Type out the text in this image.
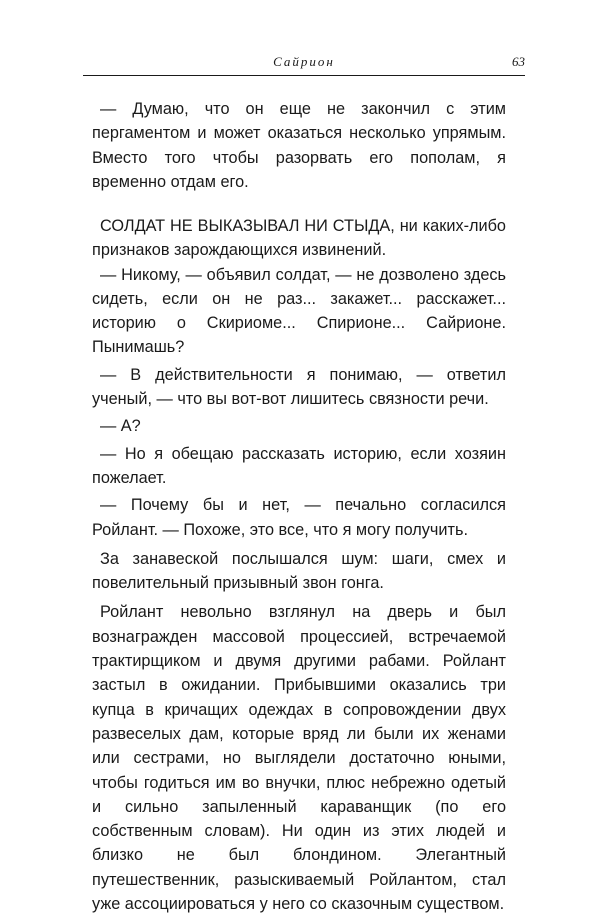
Сайрион	63

— Думаю, что он еще не закончил с этим пергаментом и может оказаться несколько упрямым. Вместо того чтобы разорвать его пополам, я временно отдам его.

СОЛДАТ НЕ ВЫКАЗЫВАЛ НИ СТЫДА, ни каких-либо признаков зарождающихся извинений.

— Никому, — объявил солдат, — не дозволено здесь сидеть, если он не раз... закажет... расскажет... историю о Скириоме... Спирионе... Сайрионе. Пынимашь?

— В действительности я понимаю, — ответил ученый, — что вы вот-вот лишитесь связности речи.

— А?

— Но я обещаю рассказать историю, если хозяин пожелает.

— Почему бы и нет, — печально согласился Ройлант. — Похоже, это все, что я могу получить.

За занавеской послышался шум: шаги, смех и повелительный призывный звон гонга.

Ройлант невольно взглянул на дверь и был вознагражден массовой процессией, встречаемой трактирщиком и двумя другими рабами. Ройлант застыл в ожидании. Прибывшими оказались три купца в кричащих одеждах в сопровождении двух развеселых дам, которые вряд ли были их женами или сестрами, но выглядели достаточно юными, чтобы годиться им во внучки, плюс небрежно одетый и сильно запыленный караванщик (по его собственным словам). Ни один из этих людей и близко не был блондином. Элегантный путешественник, разыскиваемый Ройлантом, стал уже ассоциироваться у него со сказочным существом.
